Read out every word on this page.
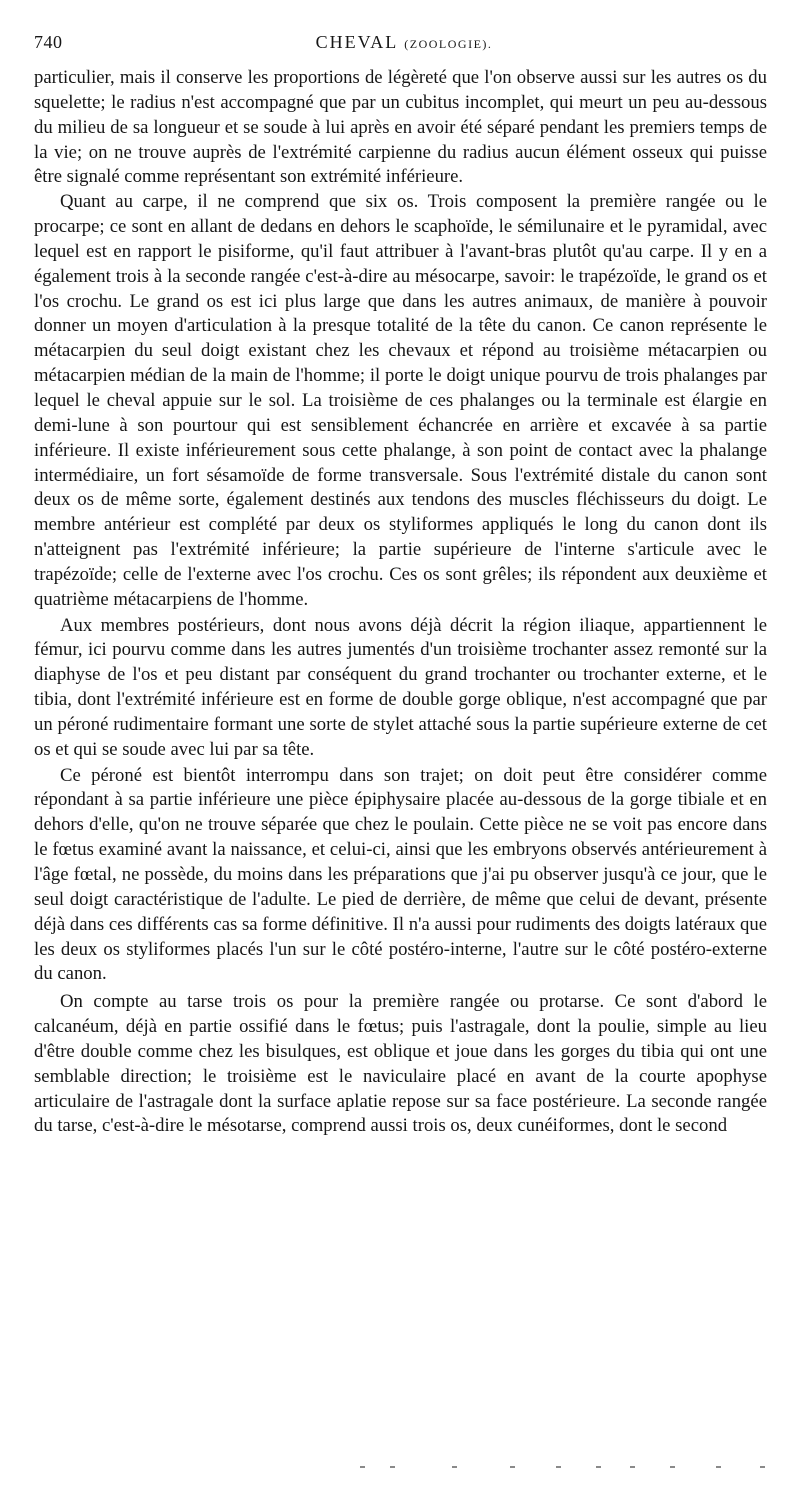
740	CHEVAL (ZOOLOGIE).

particulier, mais il conserve les proportions de légèreté que l'on observe aussi sur les autres os du squelette; le radius n'est accompagné que par un cubitus incomplet, qui meurt un peu au-dessous du milieu de sa longueur et se soude à lui après en avoir été séparé pendant les premiers temps de la vie; on ne trouve auprès de l'extrémité carpienne du radius aucun élément osseux qui puisse être signalé comme représentant son extrémité inférieure.

Quant au carpe, il ne comprend que six os. Trois composent la première rangée ou le procarpe; ce sont en allant de dedans en dehors le scaphoïde, le sémilunaire et le pyramidal, avec lequel est en rapport le pisiforme, qu'il faut attribuer à l'avant-bras plutôt qu'au carpe. Il y en a également trois à la seconde rangée c'est-à-dire au mésocarpe, savoir: le trapézoïde, le grand os et l'os crochu. Le grand os est ici plus large que dans les autres animaux, de manière à pouvoir donner un moyen d'articulation à la presque totalité de la tête du canon. Ce canon représente le métacarpien du seul doigt existant chez les chevaux et répond au troisième métacarpien ou métacarpien médian de la main de l'homme; il porte le doigt unique pourvu de trois phalanges par lequel le cheval appuie sur le sol. La troisième de ces phalanges ou la terminale est élargie en demi-lune à son pourtour qui est sensiblement échancrée en arrière et excavée à sa partie inférieure. Il existe inférieurement sous cette phalange, à son point de contact avec la phalange intermédiaire, un fort sésamoïde de forme transversale. Sous l'extrémité distale du canon sont deux os de même sorte, également destinés aux tendons des muscles fléchisseurs du doigt. Le membre antérieur est complété par deux os styliformes appliqués le long du canon dont ils n'atteignent pas l'extrémité inférieure; la partie supérieure de l'interne s'articule avec le trapézoïde; celle de l'externe avec l'os crochu. Ces os sont grêles; ils répondent aux deuxième et quatrième métacarpiens de l'homme.

Aux membres postérieurs, dont nous avons déjà décrit la région iliaque, appartiennent le fémur, ici pourvu comme dans les autres jumentés d'un troisième trochanter assez remonté sur la diaphyse de l'os et peu distant par conséquent du grand trochanter ou trochanter externe, et le tibia, dont l'extrémité inférieure est en forme de double gorge oblique, n'est accompagné que par un péroné rudimentaire formant une sorte de stylet attaché sous la partie supérieure externe de cet os et qui se soude avec lui par sa tête.

Ce péroné est bientôt interrompu dans son trajet; on doit peut être considérer comme répondant à sa partie inférieure une pièce épiphysaire placée au-dessous de la gorge tibiale et en dehors d'elle, qu'on ne trouve séparée que chez le poulain. Cette pièce ne se voit pas encore dans le fœtus examiné avant la naissance, et celui-ci, ainsi que les embryons observés antérieurement à l'âge fœtal, ne possède, du moins dans les préparations que j'ai pu observer jusqu'à ce jour, que le seul doigt caractéristique de l'adulte. Le pied de derrière, de même que celui de devant, présente déjà dans ces différents cas sa forme définitive. Il n'a aussi pour rudiments des doigts latéraux que les deux os styliformes placés l'un sur le côté postéro-interne, l'autre sur le côté postéro-externe du canon.

On compte au tarse trois os pour la première rangée ou protarse. Ce sont d'abord le calcanéum, déjà en partie ossifié dans le fœtus; puis l'astragale, dont la poulie, simple au lieu d'être double comme chez les bisulques, est oblique et joue dans les gorges du tibia qui ont une semblable direction; le troisième est le naviculaire placé en avant de la courte apophyse articulaire de l'astragale dont la surface aplatie repose sur sa face postérieure. La seconde rangée du tarse, c'est-à-dire le mésotarse, comprend aussi trois os, deux cunéiformes, dont le second
